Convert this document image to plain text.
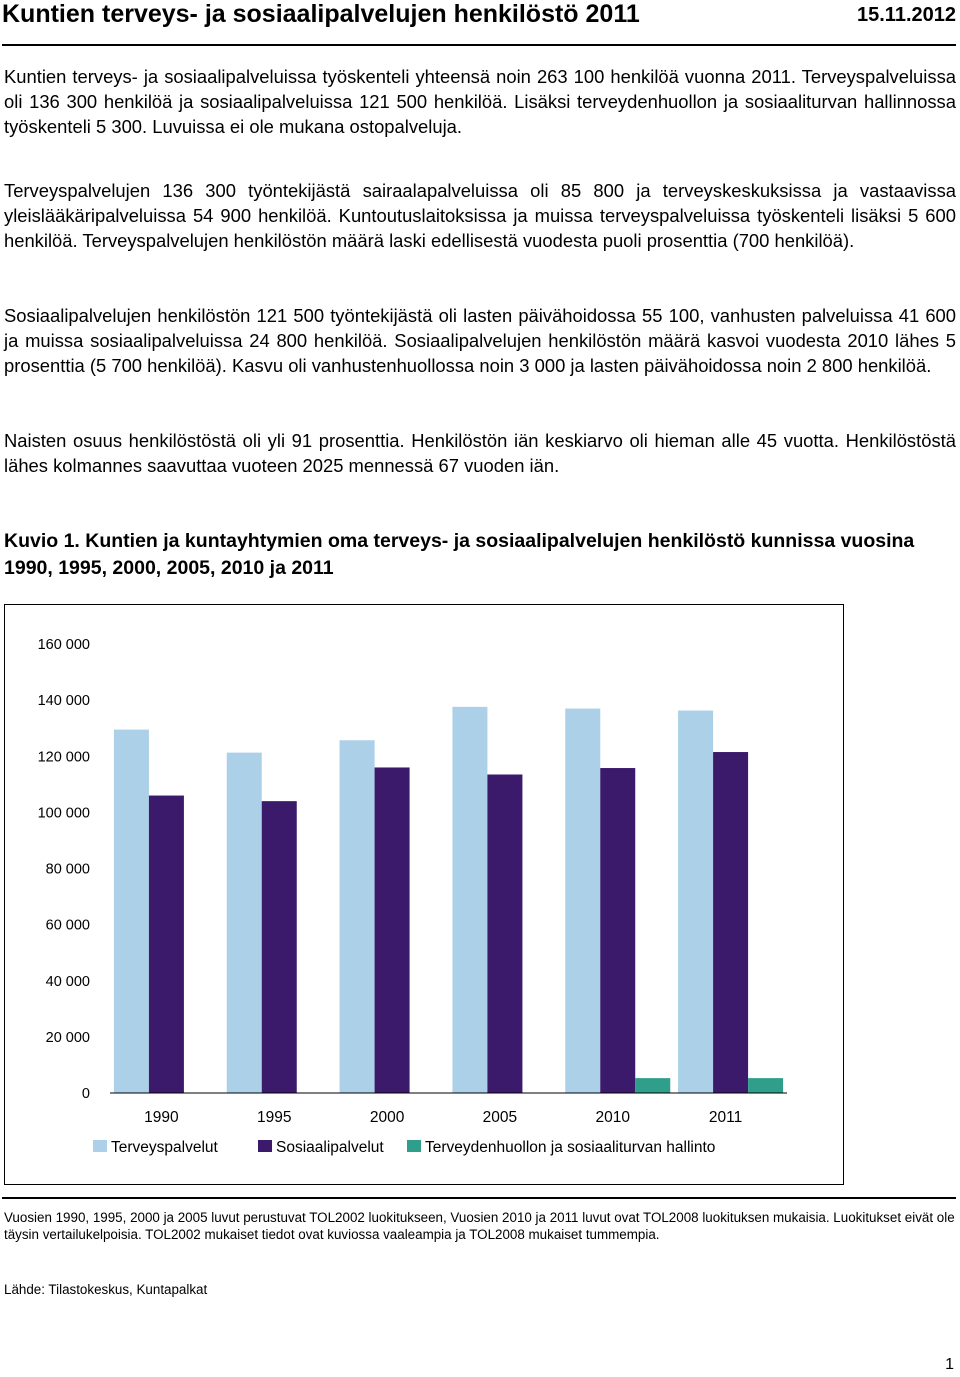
Kuntien terveys- ja sosiaalipalvelujen henkilöstö 2011	15.11.2012

Kuntien terveys- ja sosiaalipalveluissa työskenteli yhteensä noin 263 100 henkilöä vuonna 2011. Terveyspalveluissa oli 136 300 henkilöä ja sosiaalipalveluissa 121 500 henkilöä. Lisäksi terveydenhuollon ja sosiaaliturvan hallinnossa työskenteli 5 300. Luvuissa ei ole mukana ostopalveluja.

Terveyspalvelujen 136 300 työntekijästä sairaalapalveluissa oli 85 800 ja terveyskeskuksissa ja vastaavissa yleislääkäripalveluissa 54 900 henkilöä. Kuntoutuslaitoksissa ja muissa terveyspalveluissa työskenteli lisäksi 5 600 henkilöä. Terveyspalvelujen henkilöstön määrä laski edellisestä vuodesta puoli prosenttia (700 henkilöä).

Sosiaalipalvelujen henkilöstön 121 500 työntekijästä oli lasten päivähoidossa 55 100, vanhusten palveluissa 41 600 ja muissa sosiaalipalveluissa 24 800 henkilöä. Sosiaalipalvelujen henkilöstön määrä kasvoi vuodesta 2010 lähes 5 prosenttia (5 700 henkilöä). Kasvu oli vanhustenhuollossa noin 3 000 ja lasten päivähoidossa noin 2 800 henkilöä.

Naisten osuus henkilöstöstä oli yli 91 prosenttia. Henkilöstön iän keskiarvo oli hieman alle 45 vuotta. Henkilöstöstä lähes kolmannes saavuttaa vuoteen 2025 mennessä 67 vuoden iän.

Kuvio 1. Kuntien ja kuntayhtymien oma terveys- ja sosiaalipalvelujen henkilöstö kunnissa vuosina 1990, 1995, 2000, 2005, 2010 ja 2011

0
20 000
40 000
60 000
80 000
100 000
120 000
140 000
160 000
1990	1995	2000	2005	2010	2011
Terveyspalvelut	Sosiaalipalvelut	Terveydenhuollon ja sosiaaliturvan hallinto

Vuosien 1990, 1995, 2000 ja 2005 luvut perustuvat TOL2002 luokitukseen, Vuosien 2010 ja 2011 luvut ovat TOL2008 luokituksen mukaisia. Luokitukset eivät ole täysin vertailukelpoisia. TOL2002 mukaiset tiedot ovat kuviossa vaaleampia ja TOL2008 mukaiset tummempia.

Lähde: Tilastokeskus, Kuntapalkat

1
